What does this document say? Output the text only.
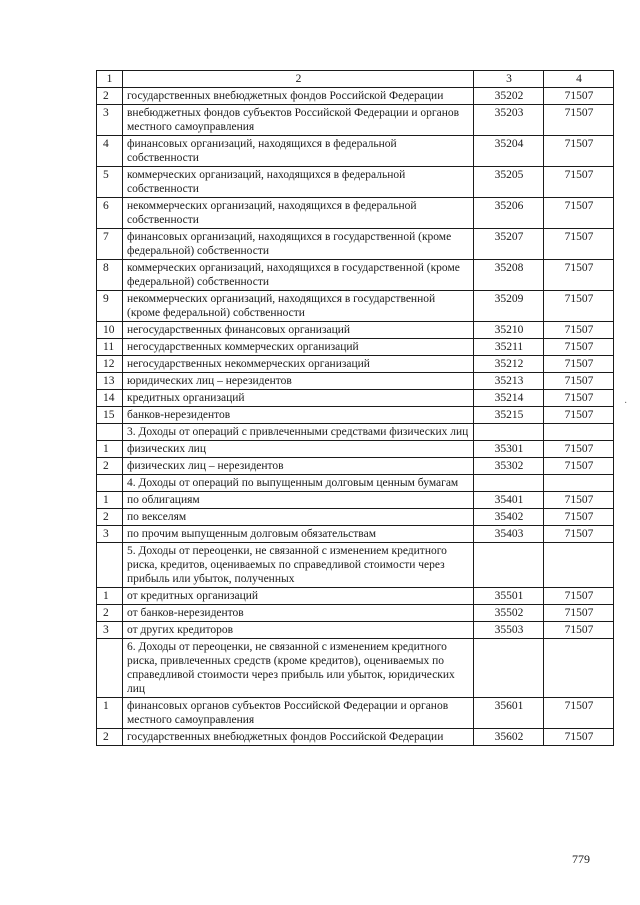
1	2	3	4
2	государственных внебюджетных фондов Российской Федерации	35202	71507
3	внебюджетных фондов субъектов Российской Федерации и органов местного самоуправления	35203	71507
4	финансовых организаций, находящихся в федеральной собственности	35204	71507
5	коммерческих организаций, находящихся в федеральной собственности	35205	71507
6	некоммерческих организаций, находящихся в федеральной собственности	35206	71507
7	финансовых организаций, находящихся в государственной (кроме федеральной) собственности	35207	71507
8	коммерческих организаций, находящихся в государственной (кроме федеральной) собственности	35208	71507
9	некоммерческих организаций, находящихся в государственной (кроме федеральной) собственности	35209	71507
10	негосударственных финансовых организаций	35210	71507
11	негосударственных коммерческих организаций	35211	71507
12	негосударственных некоммерческих организаций	35212	71507
13	юридических лиц – нерезидентов	35213	71507
14	кредитных организаций	35214	71507
15	банков-нерезидентов	35215	71507
	3. Доходы от операций с привлеченными средствами физических лиц		
1	физических лиц	35301	71507
2	физических лиц – нерезидентов	35302	71507
	4. Доходы от операций по выпущенным долговым ценным бумагам		
1	по облигациям	35401	71507
2	по векселям	35402	71507
3	по прочим выпущенным долговым обязательствам	35403	71507
	5. Доходы от переоценки, не связанной с изменением кредитного риска, кредитов, оцениваемых по справедливой стоимости через прибыль или убыток, полученных		
1	от кредитных организаций	35501	71507
2	от банков-нерезидентов	35502	71507
3	от других кредиторов	35503	71507
	6. Доходы от переоценки, не связанной с изменением кредитного риска, привлеченных средств (кроме кредитов), оцениваемых по справедливой стоимости через прибыль или убыток, юридических лиц		
1	финансовых органов субъектов Российской Федерации и органов местного самоуправления	35601	71507
2	государственных внебюджетных фондов Российской Федерации	35602	71507
779
·
